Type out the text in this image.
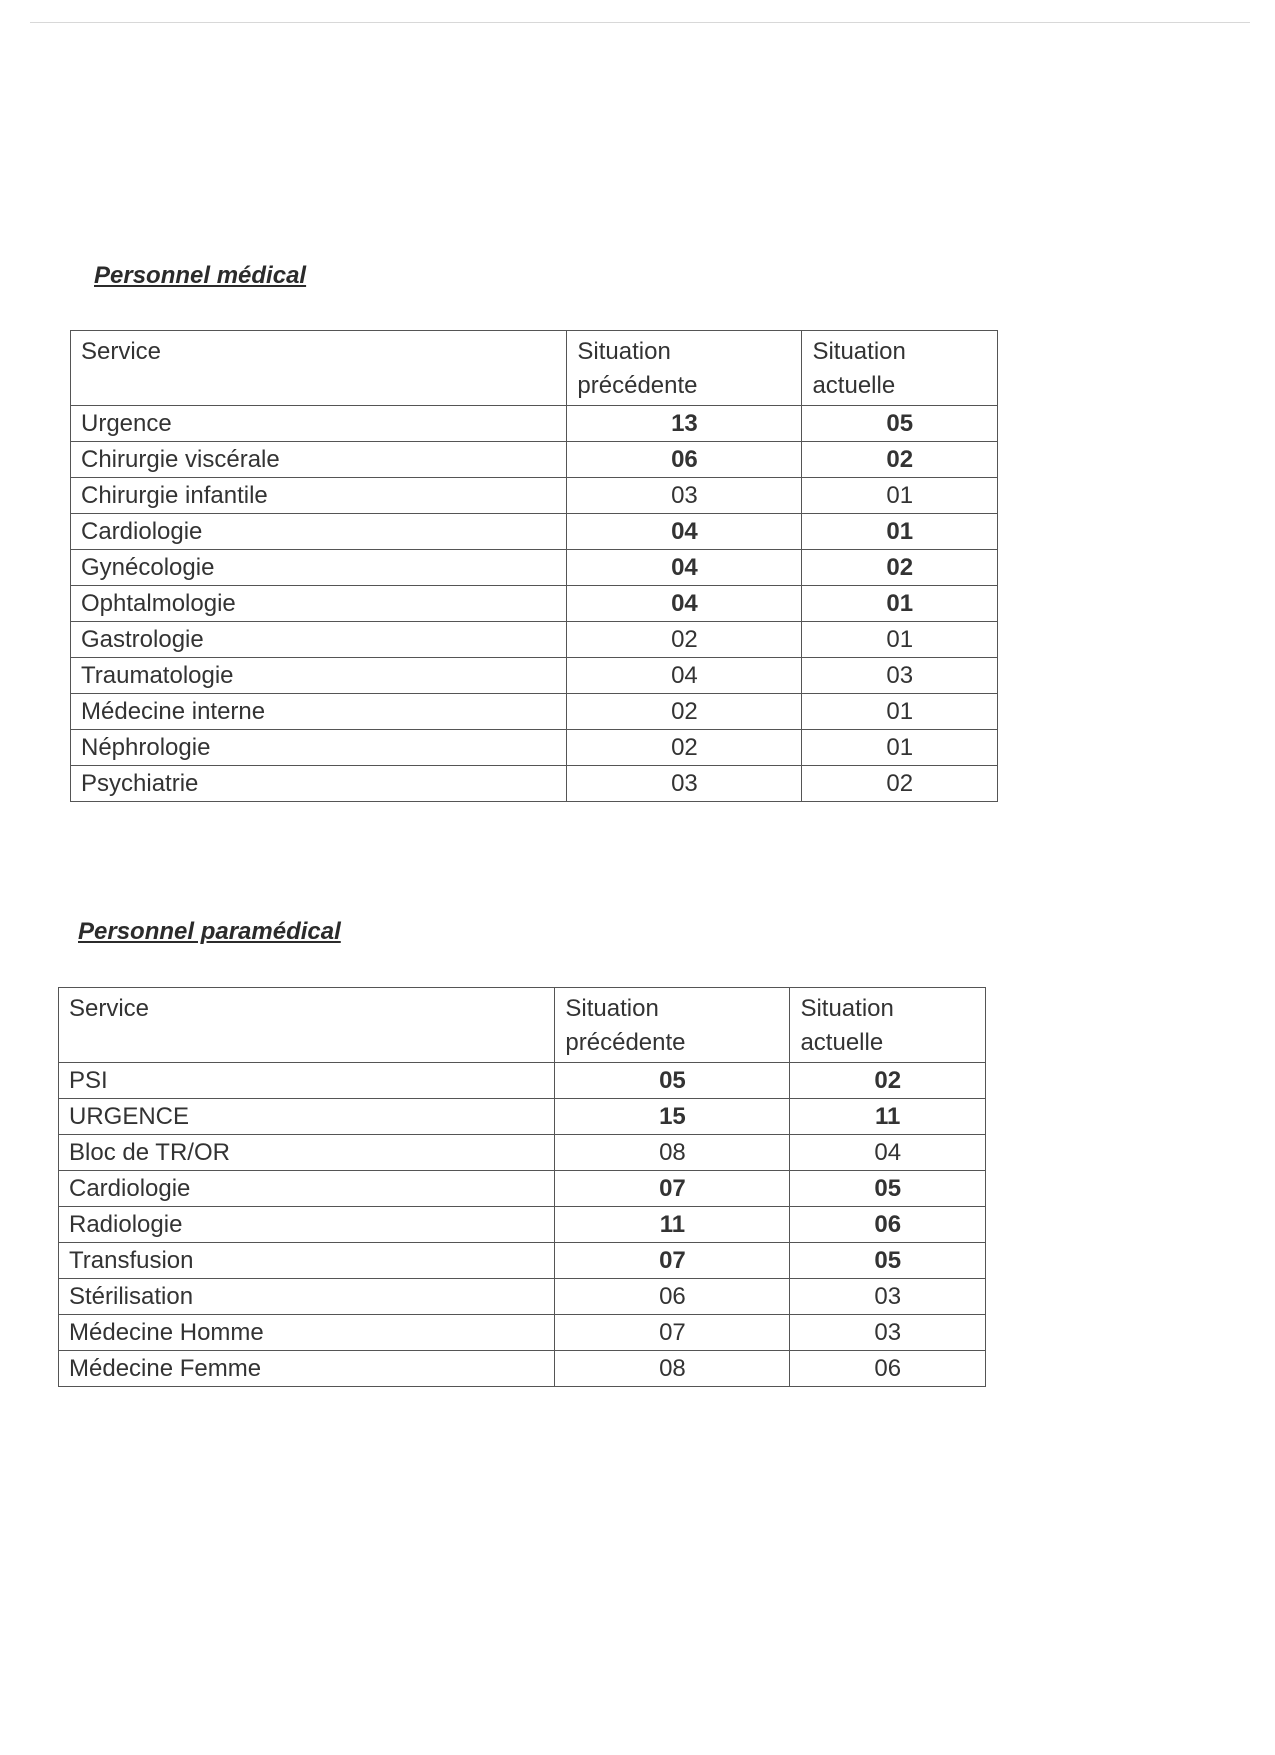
Personnel médical
Service	Situation précédente	Situation actuelle
Urgence	13	05
Chirurgie viscérale	06	02
Chirurgie infantile	03	01
Cardiologie	04	01
Gynécologie	04	02
Ophtalmologie	04	01
Gastrologie	02	01
Traumatologie	04	03
Médecine interne	02	01
Néphrologie	02	01
Psychiatrie	03	02
Personnel paramédical
Service	Situation précédente	Situation actuelle
PSI	05	02
URGENCE	15	11
Bloc de TR/OR	08	04
Cardiologie	07	05
Radiologie	11	06
Transfusion	07	05
Stérilisation	06	03
Médecine Homme	07	03
Médecine Femme	08	06
